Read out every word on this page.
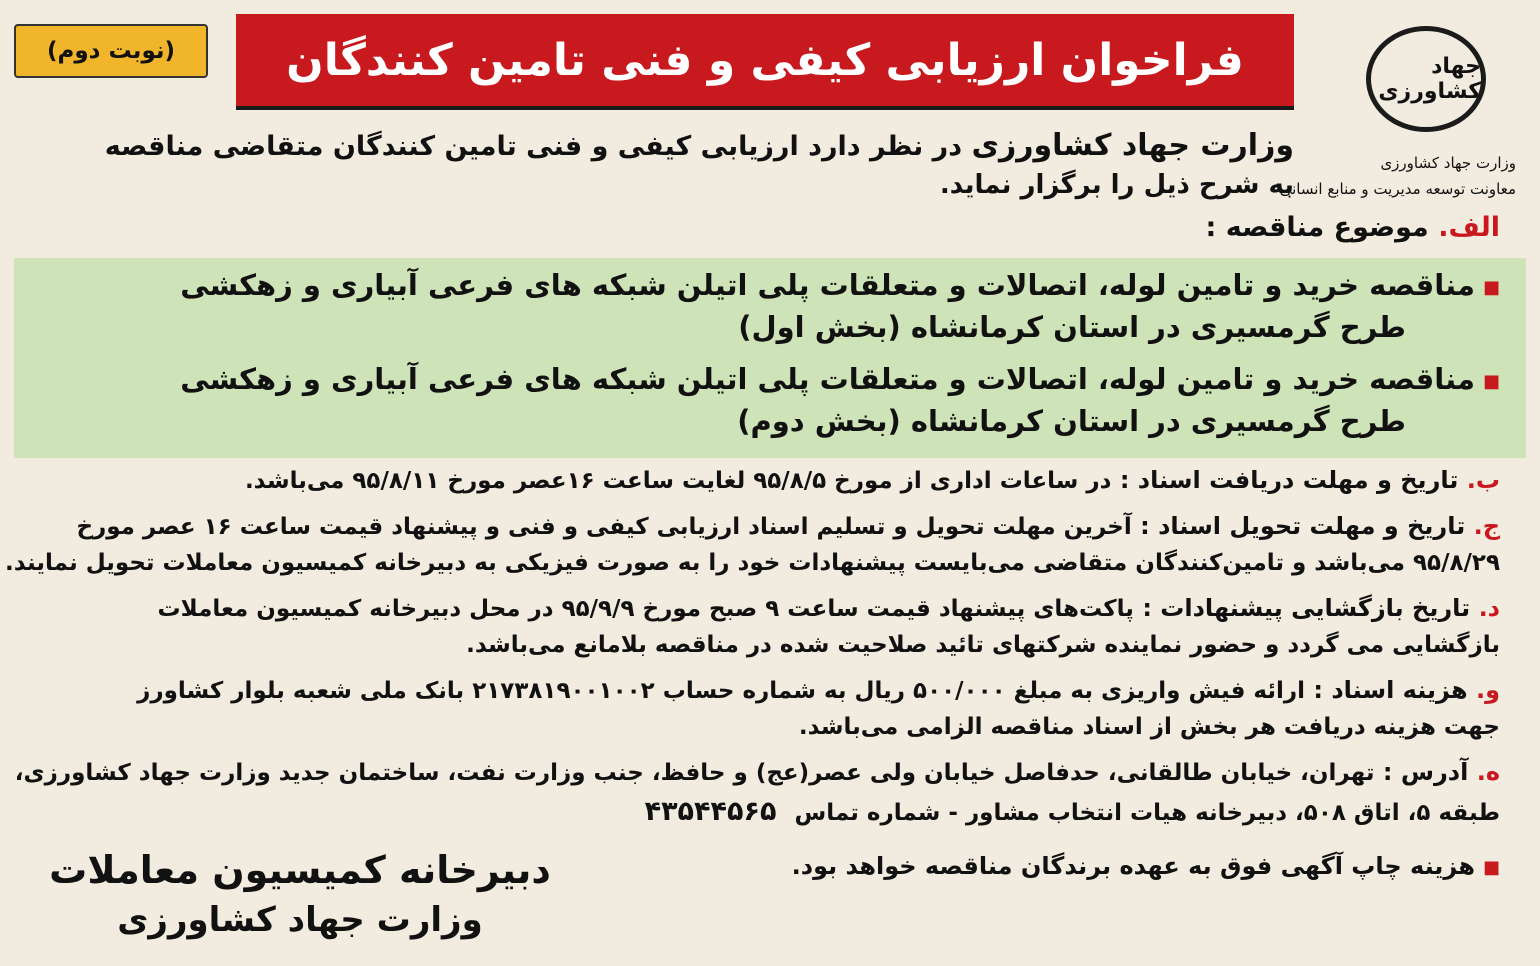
(نوبت دوم)	فراخوان ارزیابی کیفی و فنی تامین کنندگان	جهاد کشاورزی
وزارت جهاد کشاورزی
معاونت توسعه مدیریت و منابع انسانی
وزارت جهاد کشاورزی در نظر دارد ارزیابی کیفی و فنی تامین کنندگان متقاضی مناقصه
به شرح ذیل را برگزار نماید.
الف. موضوع مناقصه :
■مناقصه خرید و تامین لوله، اتصالات و متعلقات پلی اتیلن شبکه های فرعی آبیاری و زهکشی
طرح گرمسیری در استان کرمانشاه (بخش اول)
■مناقصه خرید و تامین لوله، اتصالات و متعلقات پلی اتیلن شبکه های فرعی آبیاری و زهکشی
طرح گرمسیری در استان کرمانشاه (بخش دوم)
ب. تاریخ و مهلت دریافت اسناد : در ساعات اداری از مورخ ۹۵/۸/۵ لغایت ساعت ۱۶عصر مورخ ۹۵/۸/۱۱ می‌باشد.
ج. تاریخ و مهلت تحویل اسناد : آخرین مهلت تحویل و تسلیم اسناد ارزیابی کیفی و فنی و پیشنهاد قیمت ساعت ۱۶ عصر مورخ
۹۵/۸/۲۹ می‌باشد و تامین‌کنندگان متقاضی می‌بایست پیشنهادات خود را به صورت فیزیکی به دبیرخانه کمیسیون معاملات تحویل نمایند.
د. تاریخ بازگشایی پیشنهادات : پاکت‌های پیشنهاد قیمت ساعت ۹ صبح مورخ ۹۵/۹/۹ در محل دبیرخانه کمیسیون معاملات
بازگشایی می گردد و حضور نماینده شرکتهای تائید صلاحیت شده در مناقصه بلامانع می‌باشد.
و. هزینه اسناد : ارائه فیش واریزی به مبلغ ۵۰۰/۰۰۰ ریال به شماره حساب ۲۱۷۳۸۱۹۰۰۱۰۰۲ بانک ملی شعبه بلوار کشاورز
جهت هزینه دریافت هر بخش از اسناد مناقصه الزامی می‌باشد.
ه. آدرس : تهران، خیابان طالقانی، حدفاصل خیابان ولی عصر(عج) و حافظ، جنب وزارت نفت، ساختمان جدید وزارت جهاد کشاورزی،
طبقه ۵، اتاق ۵۰۸، دبیرخانه هیات انتخاب مشاور - شماره تماس ۴۳۵۴۴۵۶۵
■هزینه چاپ آگهی فوق به عهده برندگان مناقصه خواهد بود.
دبیرخانه کمیسیون معاملات
وزارت جهاد کشاورزی
